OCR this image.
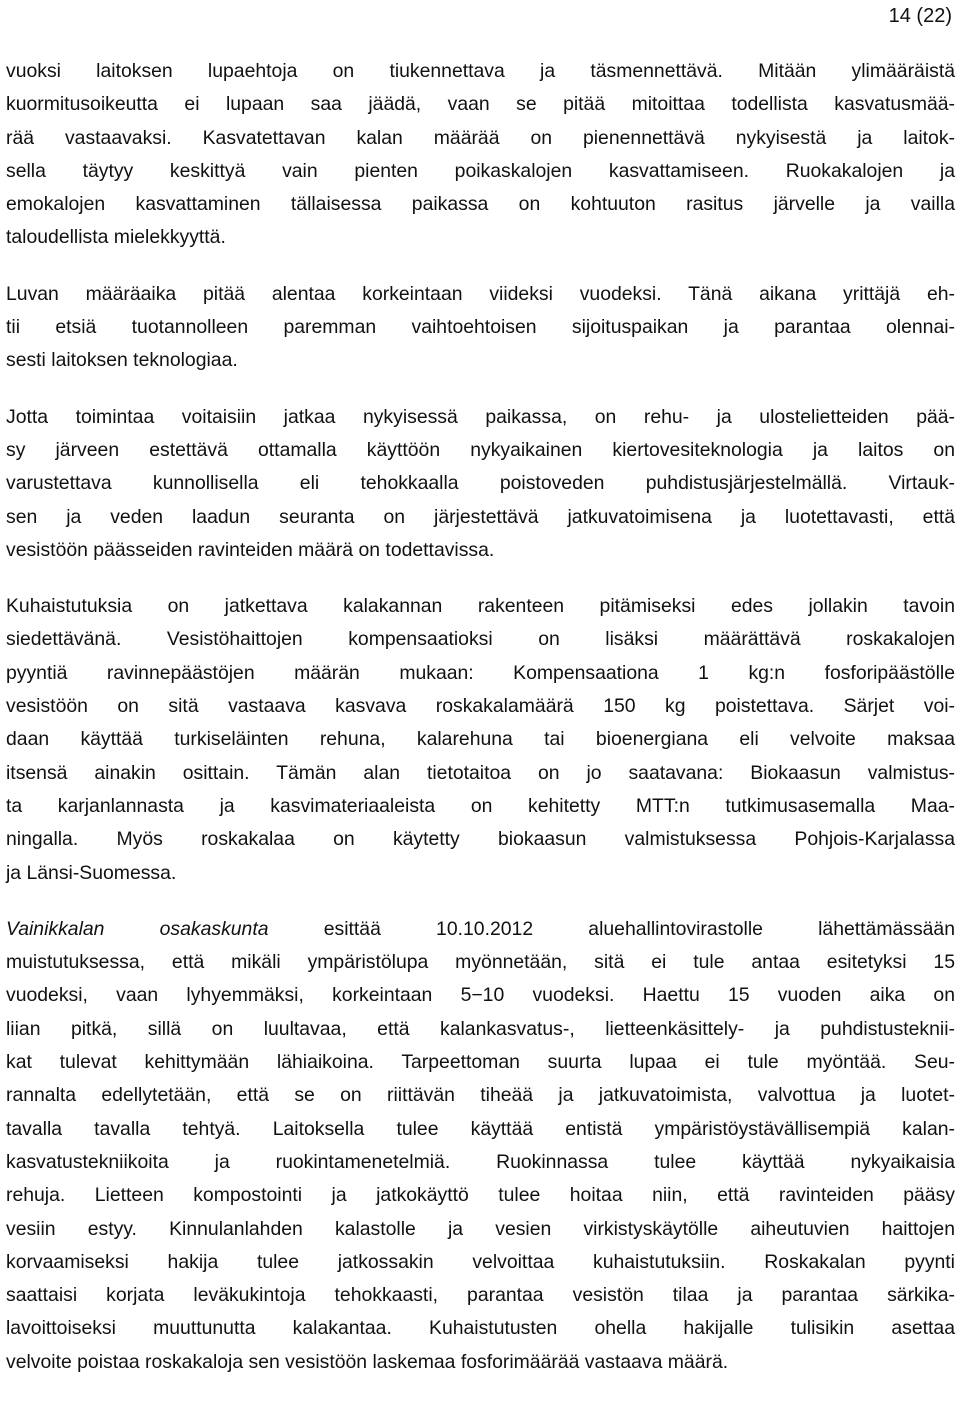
14 (22)

vuoksi laitoksen lupaehtoja on tiukennettava ja täsmennettävä. Mitään ylimääräistä
kuormitusoikeutta ei lupaan saa jäädä, vaan se pitää mitoittaa todellista kasvatusmää-
rää vastaavaksi. Kasvatettavan kalan määrää on pienennettävä nykyisestä ja laitok-
sella täytyy keskittyä vain pienten poikaskalojen kasvattamiseen. Ruokakalojen ja
emokalojen kasvattaminen tällaisessa paikassa on kohtuuton rasitus järvelle ja vailla
taloudellista mielekkyyttä.

Luvan määräaika pitää alentaa korkeintaan viideksi vuodeksi. Tänä aikana yrittäjä eh-
tii etsiä tuotannolleen paremman vaihtoehtoisen sijoituspaikan ja parantaa olennai-
sesti laitoksen teknologiaa.

Jotta toimintaa voitaisiin jatkaa nykyisessä paikassa, on rehu- ja ulostelietteiden pää-
sy järveen estettävä ottamalla käyttöön nykyaikainen kiertovesiteknologia ja laitos on
varustettava kunnollisella eli tehokkaalla poistoveden puhdistusjärjestelmällä. Virtauk-
sen ja veden laadun seuranta on järjestettävä jatkuvatoimisena ja luotettavasti, että
vesistöön päässeiden ravinteiden määrä on todettavissa.

Kuhaistutuksia on jatkettava kalakannan rakenteen pitämiseksi edes jollakin tavoin
siedettävänä. Vesistöhaittojen kompensaatioksi on lisäksi määrättävä roskakalojen
pyyntiä ravinnepäästöjen määrän mukaan: Kompensaationa 1 kg:n fosforipäästölle
vesistöön on sitä vastaava kasvava roskakalamäärä 150 kg poistettava. Särjet voi-
daan käyttää turkiseläinten rehuna, kalarehuna tai bioenergiana eli velvoite maksaa
itsensä ainakin osittain. Tämän alan tietotaitoa on jo saatavana: Biokaasun valmistus-
ta karjanlannasta ja kasvimateriaaleista on kehitetty MTT:n tutkimusasemalla Maa-
ningalla. Myös roskakalaa on käytetty biokaasun valmistuksessa Pohjois-Karjalassa
ja Länsi-Suomessa.

Vainikkalan osakaskunta esittää 10.10.2012 aluehallintovirastolle lähettämässään
muistutuksessa, että mikäli ympäristölupa myönnetään, sitä ei tule antaa esitetyksi 15
vuodeksi, vaan lyhyemmäksi, korkeintaan 5−10 vuodeksi. Haettu 15 vuoden aika on
liian pitkä, sillä on luultavaa, että kalankasvatus-, lietteenkäsittely- ja puhdistusteknii-
kat tulevat kehittymään lähiaikoina. Tarpeettoman suurta lupaa ei tule myöntää. Seu-
rannalta edellytetään, että se on riittävän tiheää ja jatkuvatoimista, valvottua ja luotet-
tavalla tavalla tehtyä. Laitoksella tulee käyttää entistä ympäristöystävällisempiä kalan-
kasvatustekniikoita ja ruokintamenetelmiä. Ruokinnassa tulee käyttää nykyaikaisia
rehuja. Lietteen kompostointi ja jatkokäyttö tulee hoitaa niin, että ravinteiden pääsy
vesiin estyy. Kinnulanlahden kalastolle ja vesien virkistyskäytölle aiheutuvien haittojen
korvaamiseksi hakija tulee jatkossakin velvoittaa kuhaistutuksiin. Roskakalan pyynti
saattaisi korjata leväkukintoja tehokkaasti, parantaa vesistön tilaa ja parantaa särkika-
lavoittoiseksi muuttunutta kalakantaa. Kuhaistutusten ohella hakijalle tulisikin asettaa
velvoite poistaa roskakaloja sen vesistöön laskemaa fosforimäärää vastaava määrä.
